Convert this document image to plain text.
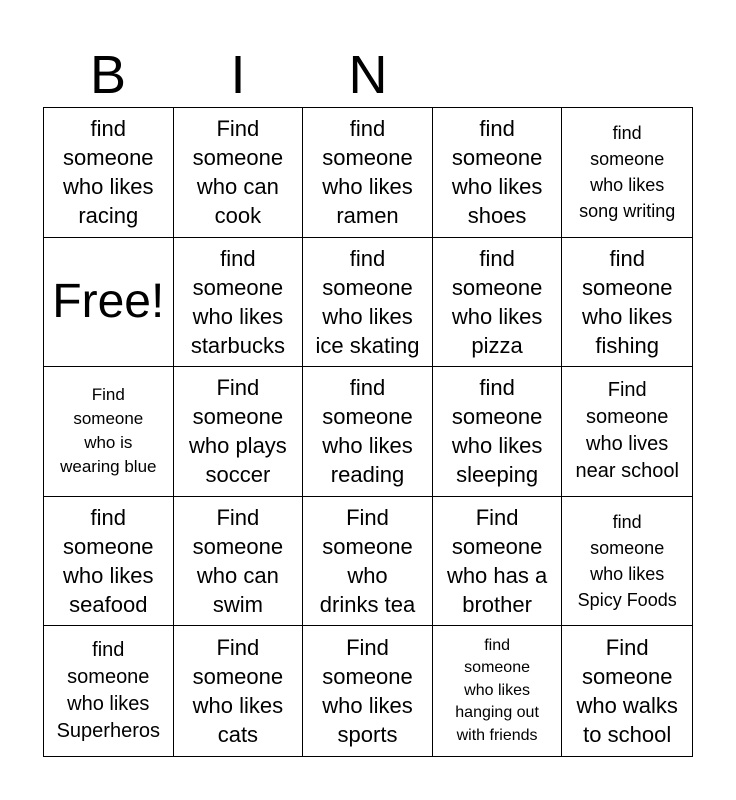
B	I	N
find
someone
who likes
racing
Find
someone
who can
cook
find
someone
who likes
ramen
find
someone
who likes
shoes
find
someone
who likes
song writing
Free!
find
someone
who likes
starbucks
find
someone
who likes
ice skating
find
someone
who likes
pizza
find
someone
who likes
fishing
Find
someone
who is
wearing blue
Find
someone
who plays
soccer
find
someone
who likes
reading
find
someone
who likes
sleeping
Find
someone
who lives
near school
find
someone
who likes
seafood
Find
someone
who can
swim
Find
someone
who
drinks tea
Find
someone
who has a
brother
find
someone
who likes
Spicy Foods
find
someone
who likes
Superheros
Find
someone
who likes
cats
Find
someone
who likes
sports
find
someone
who likes
hanging out
with friends
Find
someone
who walks
to school
